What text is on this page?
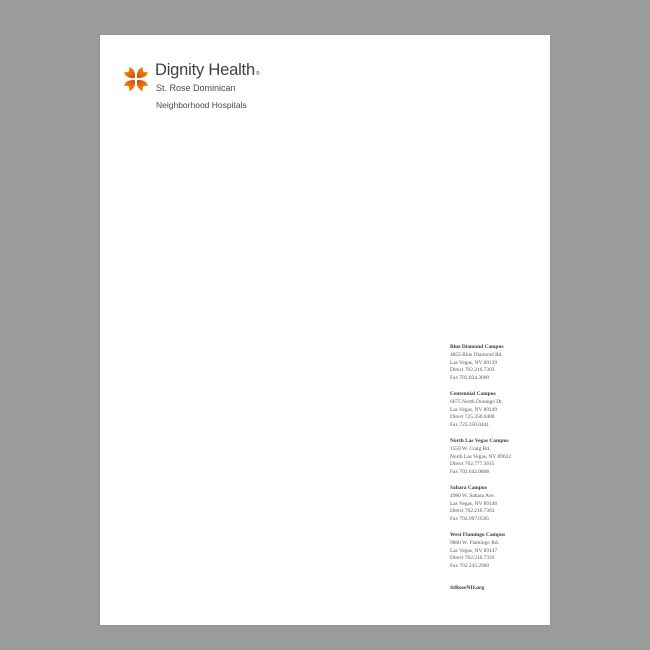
Dignity Health®
St. Rose Dominican
Neighborhood Hospitals
Blue Diamond Campus
4855 Blue Diamond Rd.
Las Vegas, NV 89139
Direct 702.216.7303
Fax 702.834.3000
Centennial Campus
6675 North Durango Dr.
Las Vegas, NV 89149
Direct 725.350.0400
Fax 725.350.0441
North Las Vegas Campus
1550 W. Craig Rd.
North Las Vegas, NV 89032
Direct 702.777.3615
Fax 702.642.0808
Sahara Campus
4980 W. Sahara Ave.
Las Vegas, NV 89146
Direct 702.216.7363
Fax 702.967.0565
West Flamingo Campus
9880 W. Flamingo Rd.
Las Vegas, NV 89147
Direct 702.216.7333
Fax 702.243.2960
StRoseNH.org
